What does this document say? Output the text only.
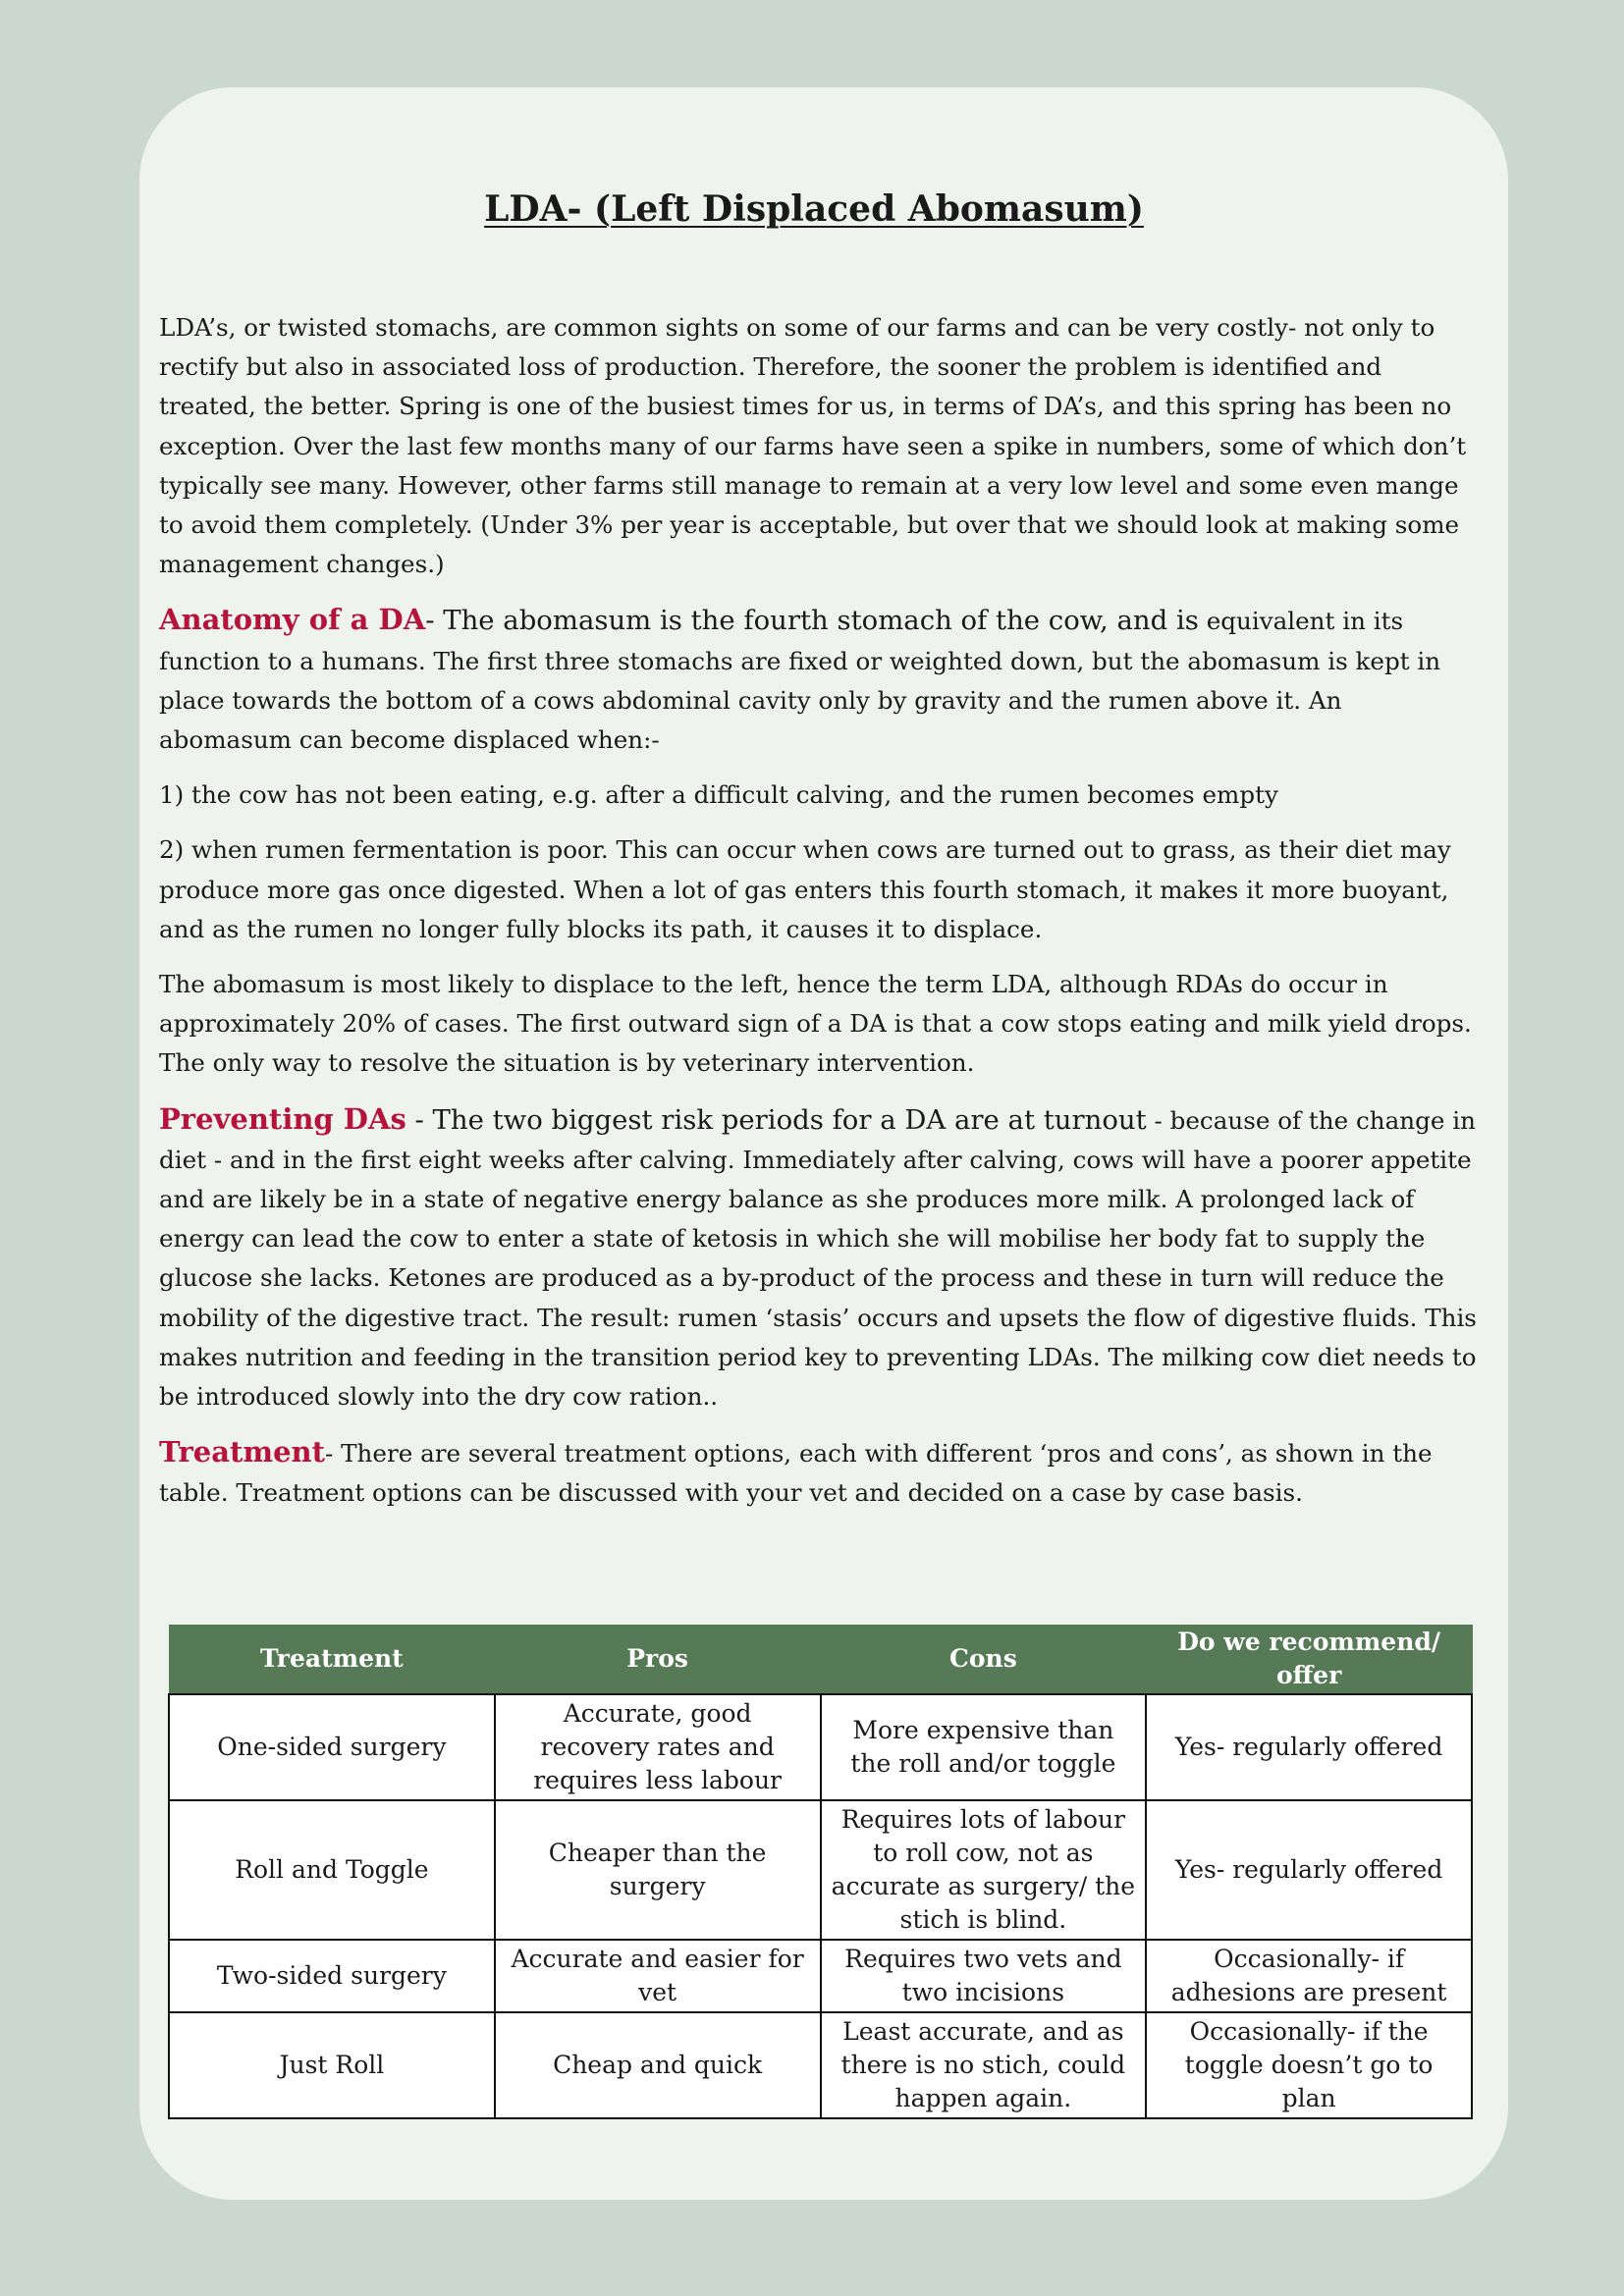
LDA- (Left Displaced Abomasum)

LDA’s, or twisted stomachs, are common sights on some of our farms and can be very costly- not only to rectify but also in associated loss of production. Therefore, the sooner the problem is identified and treated, the better. Spring is one of the busiest times for us, in terms of DA’s, and this spring has been no exception. Over the last few months many of our farms have seen a spike in numbers, some of which don’t typically see many. However, other farms still manage to remain at a very low level and some even mange to avoid them completely. (Under 3% per year is acceptable, but over that we should look at making some management changes.)

Anatomy of a DA- The abomasum is the fourth stomach of the cow, and is equivalent in its function to a humans. The first three stomachs are fixed or weighted down, but the abomasum is kept in place towards the bottom of a cows abdominal cavity only by gravity and the rumen above it. An abomasum can become displaced when:-

1) the cow has not been eating, e.g. after a difficult calving, and the rumen becomes empty

2) when rumen fermentation is poor. This can occur when cows are turned out to grass, as their diet may produce more gas once digested. When a lot of gas enters this fourth stomach, it makes it more buoyant, and as the rumen no longer fully blocks its path, it causes it to displace.

The abomasum is most likely to displace to the left, hence the term LDA, although RDAs do occur in approximately 20% of cases. The first outward sign of a DA is that a cow stops eating and milk yield drops. The only way to resolve the situation is by veterinary intervention.

Preventing DAs - The two biggest risk periods for a DA are at turnout - because of the change in diet - and in the first eight weeks after calving. Immediately after calving, cows will have a poorer appetite and are likely be in a state of negative energy balance as she produces more milk. A prolonged lack of energy can lead the cow to enter a state of ketosis in which she will mobilise her body fat to supply the glucose she lacks. Ketones are produced as a by-product of the process and these in turn will reduce the mobility of the digestive tract. The result: rumen ‘stasis’ occurs and upsets the flow of digestive fluids. This makes nutrition and feeding in the transition period key to preventing LDAs. The milking cow diet needs to be introduced slowly into the dry cow ration..

Treatment- There are several treatment options, each with different ‘pros and cons’, as shown in the table. Treatment options can be discussed with your vet and decided on a case by case basis.

Treatment	Pros	Cons	Do we recommend/ offer

One-sided surgery	Accurate, good recovery rates and requires less labour	More expensive than the roll and/or toggle	Yes- regularly offered
Roll and Toggle	Cheaper than the surgery	Requires lots of labour to roll cow, not as accurate as surgery/ the stich is blind.	Yes- regularly offered
Two-sided surgery	Accurate and easier for vet	Requires two vets and two incisions	Occasionally- if adhesions are present
Just Roll	Cheap and quick	Least accurate, and as there is no stich, could happen again.	Occasionally- if the toggle doesn’t go to plan
